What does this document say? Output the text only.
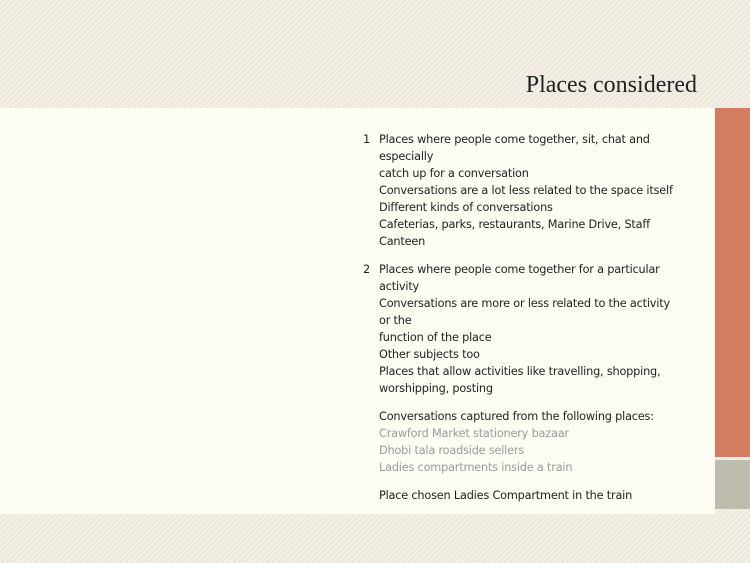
Places considered
1 Places where people come together, sit, chat and especially
catch up for a conversation
Conversations are a lot less related to the space itself
Different kinds of conversations
Cafeterias, parks, restaurants, Marine Drive, Staff Canteen
2 Places where people come together for a particular activity
Conversations are more or less related to the activity or the
function of the place
Other subjects too
Places that allow activities like travelling, shopping,
worshipping, posting
Conversations captured from the following places:
Crawford Market stationery bazaar
Dhobi tala roadside sellers
Ladies compartments inside a train
Place chosen Ladies Compartment in the train
